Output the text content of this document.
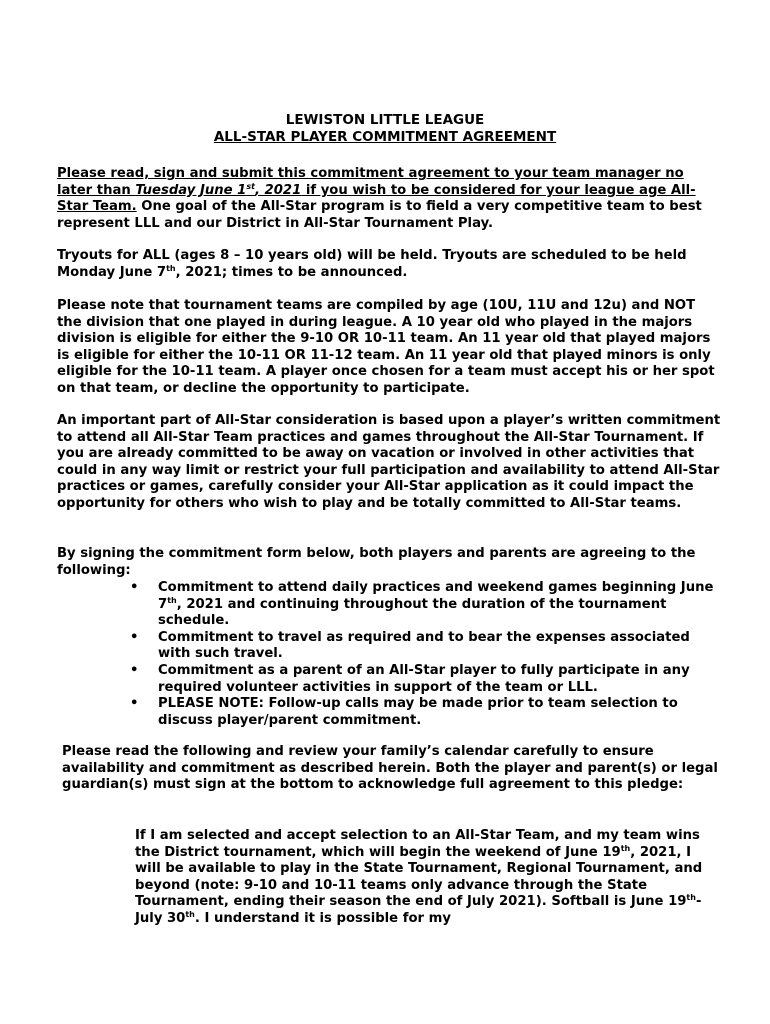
LEWISTON LITTLE LEAGUE

ALL-STAR PLAYER COMMITMENT AGREEMENT

Please read, sign and submit this commitment agreement to your team manager no later than Tuesday June 1st, 2021 if you wish to be considered for your league age All-Star Team. One goal of the All-Star program is to field a very competitive team to best represent LLL and our District in All-Star Tournament Play.

Tryouts for ALL (ages 8 – 10 years old) will be held. Tryouts are scheduled to be held Monday June 7th, 2021; times to be announced.

Please note that tournament teams are compiled by age (10U, 11U and 12u) and NOT the division that one played in during league. A 10 year old who played in the majors division is eligible for either the 9-10 OR 10-11 team. An 11 year old that played majors is eligible for either the 10-11 OR 11-12 team. An 11 year old that played minors is only eligible for the 10-11 team. A player once chosen for a team must accept his or her spot on that team, or decline the opportunity to participate.

An important part of All-Star consideration is based upon a player’s written commitment to attend all All-Star Team practices and games throughout the All-Star Tournament. If you are already committed to be away on vacation or involved in other activities that could in any way limit or restrict your full participation and availability to attend All-Star practices or games, carefully consider your All-Star application as it could impact the opportunity for others who wish to play and be totally committed to All-Star teams.

By signing the commitment form below, both players and parents are agreeing to the following:

• Commitment to attend daily practices and weekend games beginning June 7th, 2021 and continuing throughout the duration of the tournament schedule.
• Commitment to travel as required and to bear the expenses associated with such travel.
• Commitment as a parent of an All-Star player to fully participate in any required volunteer activities in support of the team or LLL.
• PLEASE NOTE: Follow-up calls may be made prior to team selection to discuss player/parent commitment.

Please read the following and review your family’s calendar carefully to ensure availability and commitment as described herein. Both the player and parent(s) or legal guardian(s) must sign at the bottom to acknowledge full agreement to this pledge:

If I am selected and accept selection to an All-Star Team, and my team wins the District tournament, which will begin the weekend of June 19th, 2021, I will be available to play in the State Tournament, Regional Tournament, and beyond (note: 9-10 and 10-11 teams only advance through the State Tournament, ending their season the end of July 2021). Softball is June 19th-July 30th. I understand it is possible for my
